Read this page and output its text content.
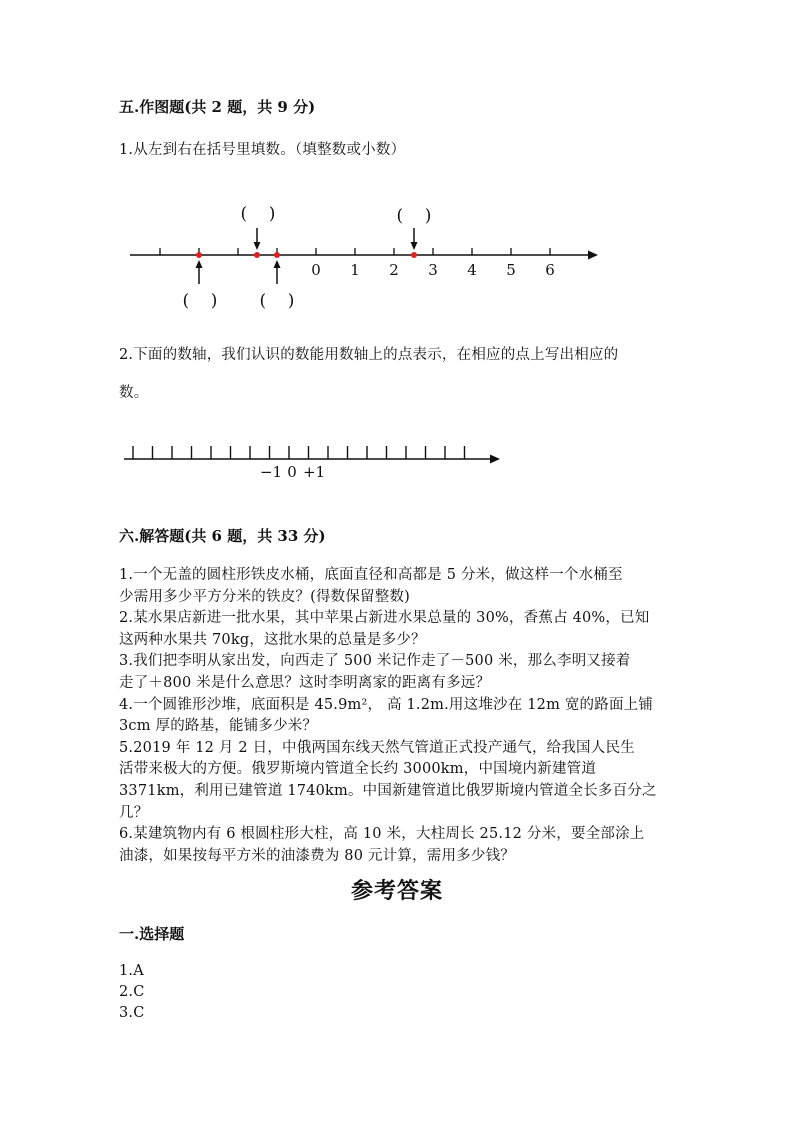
五.作图题(共 2 题，共 9 分)
1.从左到右在括号里填数。（填整数或小数）
0 1 2 3 4 5 6
(    )	(    )
(    ) (    )
2.下面的数轴，我们认识的数能用数轴上的点表示，在相应的点上写出相应的
数。
−1 0 +1
六.解答题(共 6 题，共 33 分)
1.一个无盖的圆柱形铁皮水桶，底面直径和高都是 5 分米，做这样一个水桶至
少需用多少平方分米的铁皮？(得数保留整数)
2.某水果店新进一批水果，其中苹果占新进水果总量的 30%，香蕉占 40%，已知
这两种水果共 70kg，这批水果的总量是多少？
3.我们把李明从家出发，向西走了 500 米记作走了－500 米，那么李明又接着
走了＋800 米是什么意思？这时李明离家的距离有多远？
4.一个圆锥形沙堆，底面积是 45.9m²， 高 1.2m.用这堆沙在 12m 宽的路面上铺
3cm 厚的路基，能铺多少米？
5.2019 年 12 月 2 日，中俄两国东线天然气管道正式投产通气，给我国人民生
活带来极大的方便。俄罗斯境内管道全长约 3000km，中国境内新建管道
3371km，利用已建管道 1740km。中国新建管道比俄罗斯境内管道全长多百分之
几？
6.某建筑物内有 6 根圆柱形大柱，高 10 米，大柱周长 25.12 分米，要全部涂上
油漆，如果按每平方米的油漆费为 80 元计算，需用多少钱？
参考答案
一.选择题
1.A
2.C
3.C
